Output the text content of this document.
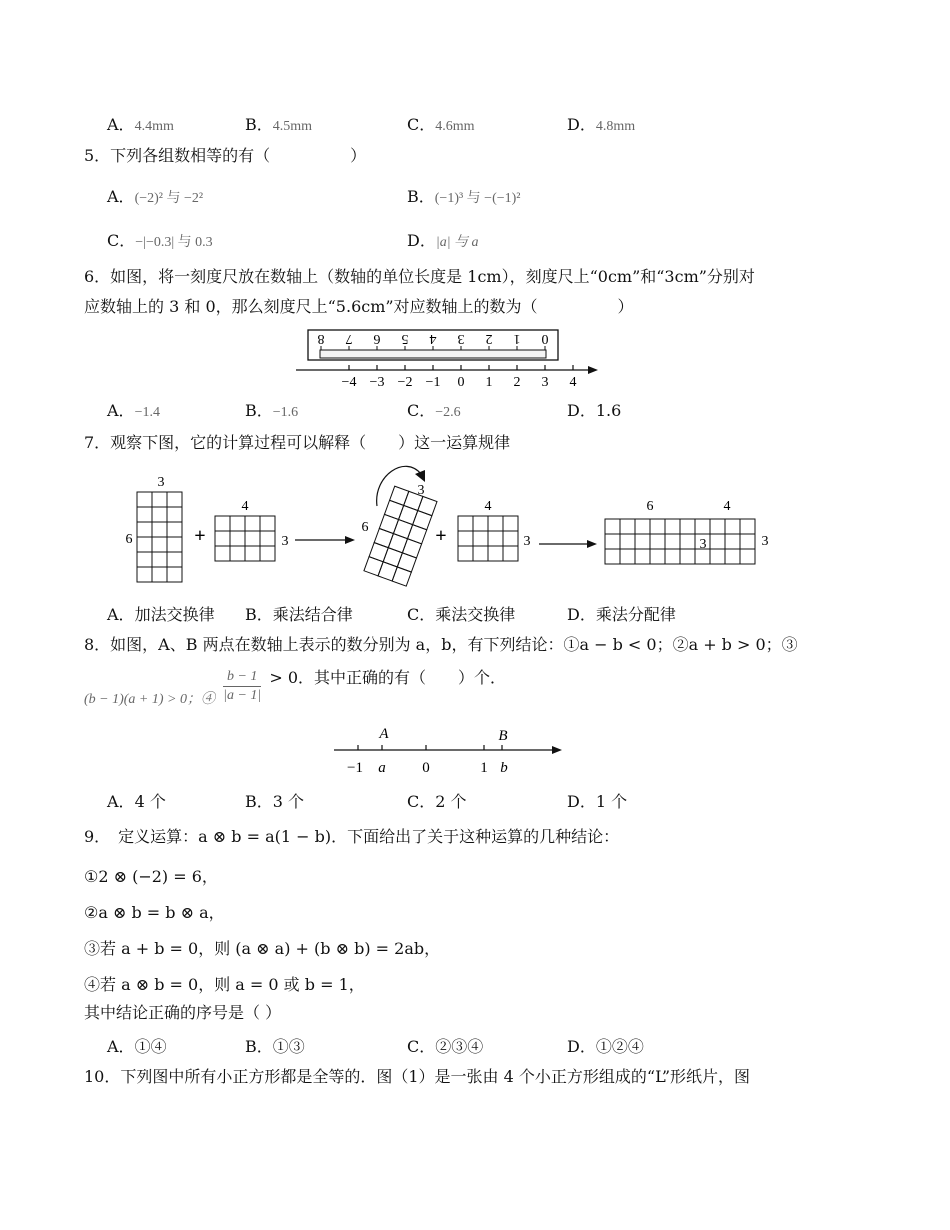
A．4.4mm	B．4.5mm	C．4.6mm	D．4.8mm
5．下列各组数相等的有（　　　　　）
A．(−2)² 与 −2²	B．(−1)³ 与 −(−1)²
C．−|−0.3| 与 0.3	D．|a| 与 a
6．如图，将一刻度尺放在数轴上（数轴的单位长度是 1cm），刻度尺上“0cm”和“3cm”分别对
应数轴上的 3 和 0，那么刻度尺上“5.6cm”对应数轴上的数为（　　　　　）
8 7 6 5 4 3 2 1 0
−4 −3 −2 −1 0 1 2 3 4
A．−1.4	B．−1.6	C．−2.6	D．1.6
7．观察下图，它的计算过程可以解释（　　）这一运算规律
3
6	+
4
3
3
6	+
4
3
6	4
3	3
A．加法交换律 B．乘法结合律	C．乘法交换律	D．乘法分配律
8．如图，A、B 两点在数轴上表示的数分别为 a，b，有下列结论：①a − b < 0；②a + b > 0；③
(b − 1)(a + 1) > 0；④ $\frac{b - 1}{|a - 1|} > 0$．其中正确的有（　　）个．
A	B
−1 a 0	1 b
A．4 个	B．3 个	C．2 个	D．1 个
9．　定义运算：a ⊗ b = a(1 − b)．下面给出了关于这种运算的几种结论：
①2 ⊗ (−2) = 6，
②a ⊗ b = b ⊗ a，
③若 a + b = 0，则 (a ⊗ a) + (b ⊗ b) = 2ab，
④若 a ⊗ b = 0，则 a = 0 或 b = 1，
其中结论正确的序号是（ ）
A．①④	B．①③	C．②③④	D．①②④
10．下列图中所有小正方形都是全等的．图（1）是一张由 4 个小正方形组成的“L”形纸片，图
